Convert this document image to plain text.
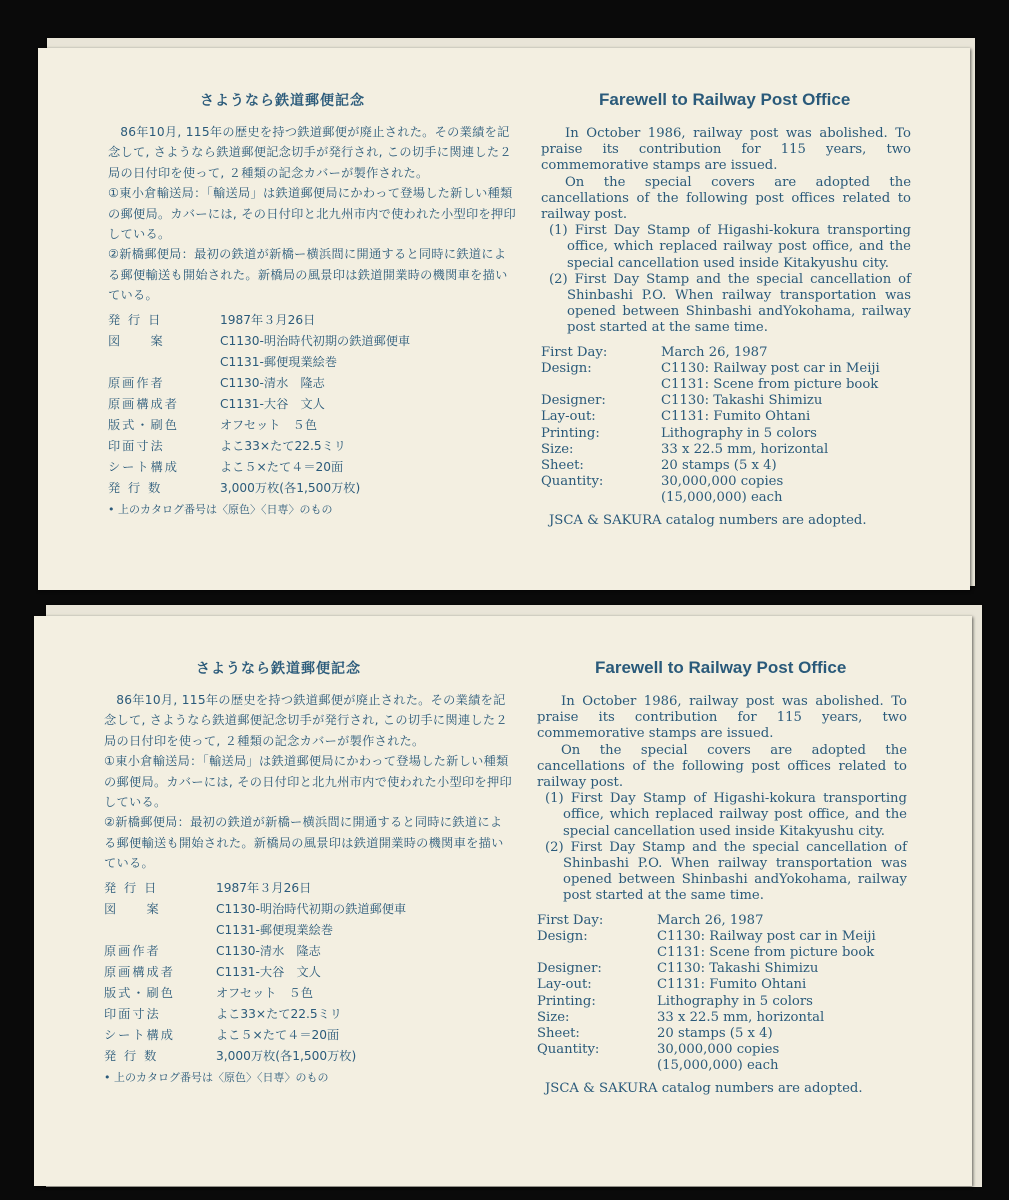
さようなら鉄道郵便記念

86年10月, 115年の歴史を持つ鉄道郵便が廃止された。その業績を記念して, さようなら鉄道郵便記念切手が発行され, この切手に関連した２局の日付印を使って, ２種類の記念カバーが製作された。

①東小倉輸送局：「輸送局」は鉄道郵便局にかわって登場した新しい種類の郵便局。カバーには, その日付印と北九州市内で使われた小型印を押印している。

②新橋郵便局：最初の鉄道が新橋ー横浜間に開通すると同時に鉄道による郵便輸送も開始された。新橋局の風景印は鉄道開業時の機関車を描いている。

発 行 日	1987年３月26日
図　　案	C1130-明治時代初期の鉄道郵便車
C1131-郵便現業絵巻
原画作者	C1130-清水　隆志
原画構成者	C1131-大谷　文人
版式・刷色	オフセット　５色
印面寸法	よこ33×たて22.5ミリ
シート構成	よこ５×たて４＝20面
発 行 数	3,000万枚(各1,500万枚)
• 上のカタログ番号は〈原色〉〈日専〉のもの
Farewell to Railway Post Office

In October 1986, railway post was abolished. To praise its contribution for 115 years, two commemorative stamps are issued.

On the special covers are adopted the cancellations of the following post offices related to railway post.

(1) First Day Stamp of Higashi-kokura transporting office, which replaced railway post office, and the special cancellation used inside Kitakyushu city.

(2) First Day Stamp and the special cancellation of Shinbashi P.O. When railway transportation was opened between Shinbashi andYokohama, railway post started at the same time.

First Day:	March 26, 1987
Design:	C1130: Railway post car in Meiji
C1131: Scene from picture book
Designer:	C1130: Takashi Shimizu
Lay-out:	C1131: Fumito Ohtani
Printing:	Lithography in 5 colors
Size:	33 x 22.5 mm, horizontal
Sheet:	20 stamps (5 x 4)
Quantity:	30,000,000 copies
(15,000,000) each
JSCA & SAKURA catalog numbers are adopted.
さようなら鉄道郵便記念

86年10月, 115年の歴史を持つ鉄道郵便が廃止された。その業績を記念して, さようなら鉄道郵便記念切手が発行され, この切手に関連した２局の日付印を使って, ２種類の記念カバーが製作された。

①東小倉輸送局：「輸送局」は鉄道郵便局にかわって登場した新しい種類の郵便局。カバーには, その日付印と北九州市内で使われた小型印を押印している。

②新橋郵便局：最初の鉄道が新橋ー横浜間に開通すると同時に鉄道による郵便輸送も開始された。新橋局の風景印は鉄道開業時の機関車を描いている。

発 行 日	1987年３月26日
図　　案	C1130-明治時代初期の鉄道郵便車
C1131-郵便現業絵巻
原画作者	C1130-清水　隆志
原画構成者	C1131-大谷　文人
版式・刷色	オフセット　５色
印面寸法	よこ33×たて22.5ミリ
シート構成	よこ５×たて４＝20面
発 行 数	3,000万枚(各1,500万枚)
• 上のカタログ番号は〈原色〉〈日専〉のもの
Farewell to Railway Post Office

In October 1986, railway post was abolished. To praise its contribution for 115 years, two commemorative stamps are issued.

On the special covers are adopted the cancellations of the following post offices related to railway post.

(1) First Day Stamp of Higashi-kokura transporting office, which replaced railway post office, and the special cancellation used inside Kitakyushu city.

(2) First Day Stamp and the special cancellation of Shinbashi P.O. When railway transportation was opened between Shinbashi andYokohama, railway post started at the same time.

First Day:	March 26, 1987
Design:	C1130: Railway post car in Meiji
C1131: Scene from picture book
Designer:	C1130: Takashi Shimizu
Lay-out:	C1131: Fumito Ohtani
Printing:	Lithography in 5 colors
Size:	33 x 22.5 mm, horizontal
Sheet:	20 stamps (5 x 4)
Quantity:	30,000,000 copies
(15,000,000) each
JSCA & SAKURA catalog numbers are adopted.
